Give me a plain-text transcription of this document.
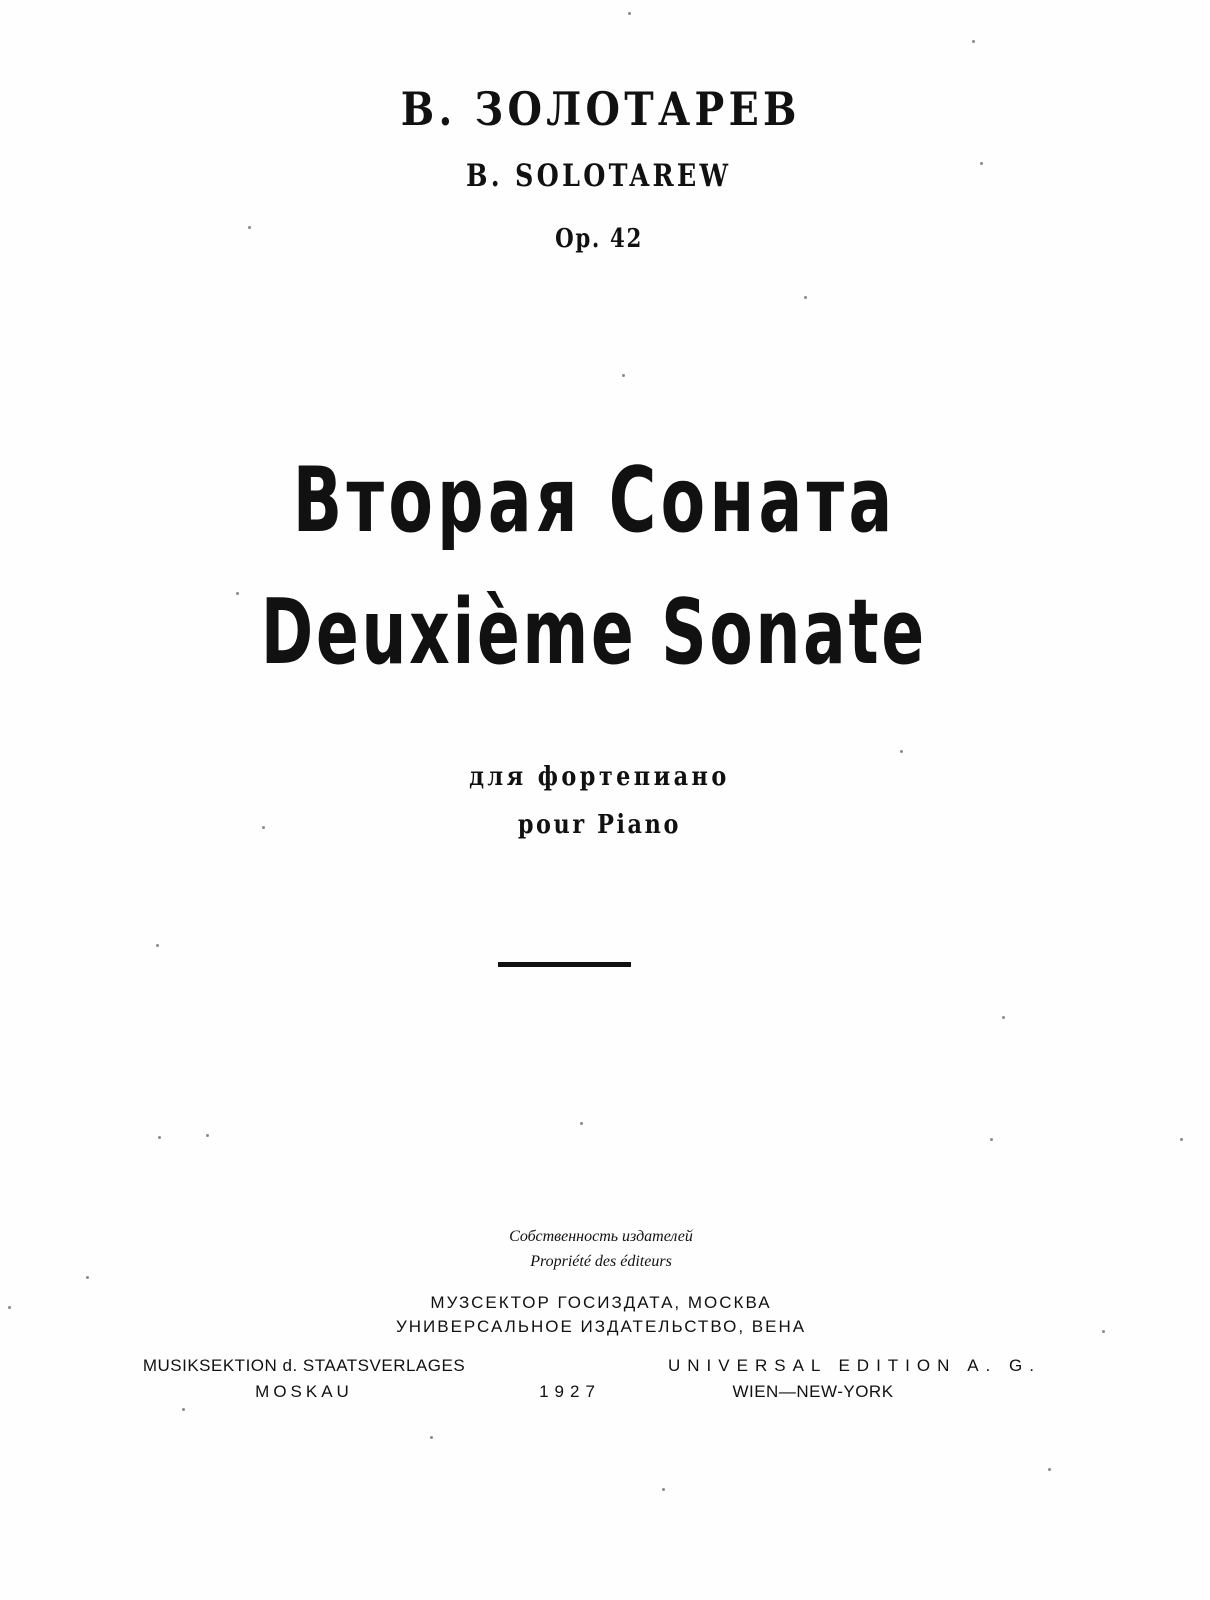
В. ЗОЛОТАРЕВ
B. SOLOTAREW
Op. 42
Вторая Соната
Deuxième Sonate
для фортепиано
pour Piano
Собственность издателей
Propriété des éditeurs
МУЗСЕКТОР ГОСИЗДАТА, МОСКВА
УНИВЕРСАЛЬНОЕ ИЗДАТЕЛЬСТВО, ВЕНА
MUSIKSEKTION d. STAATSVERLAGES
MOSKAU	1927
UNIVERSAL EDITION A. G.
WIEN—NEW-YORK
